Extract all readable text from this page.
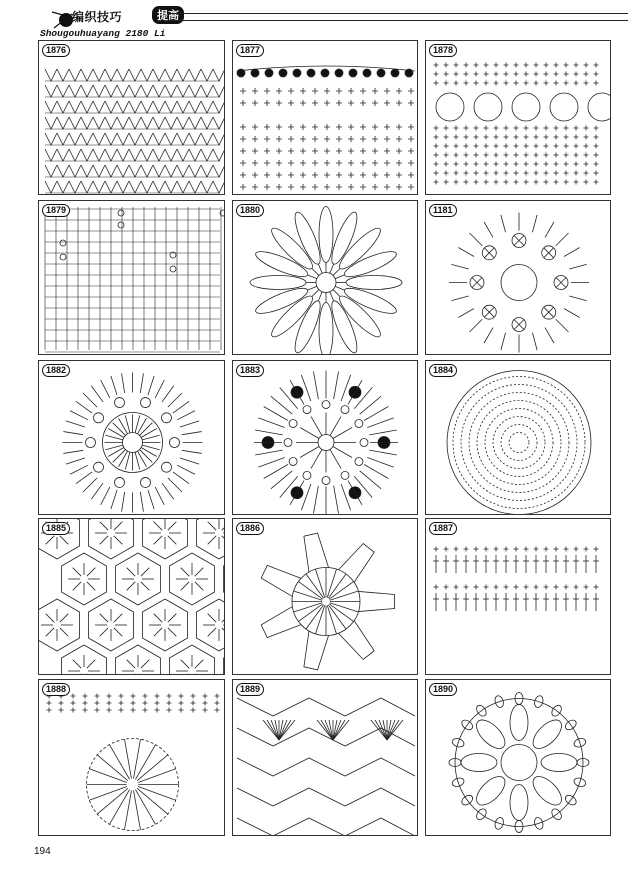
编织技巧	提高
Shougouhuayang 2180 Li
1876	1877	1878
1879	1880	1181
1882	1883	1884
1885	1886	1887
1888	1889	1890
194
